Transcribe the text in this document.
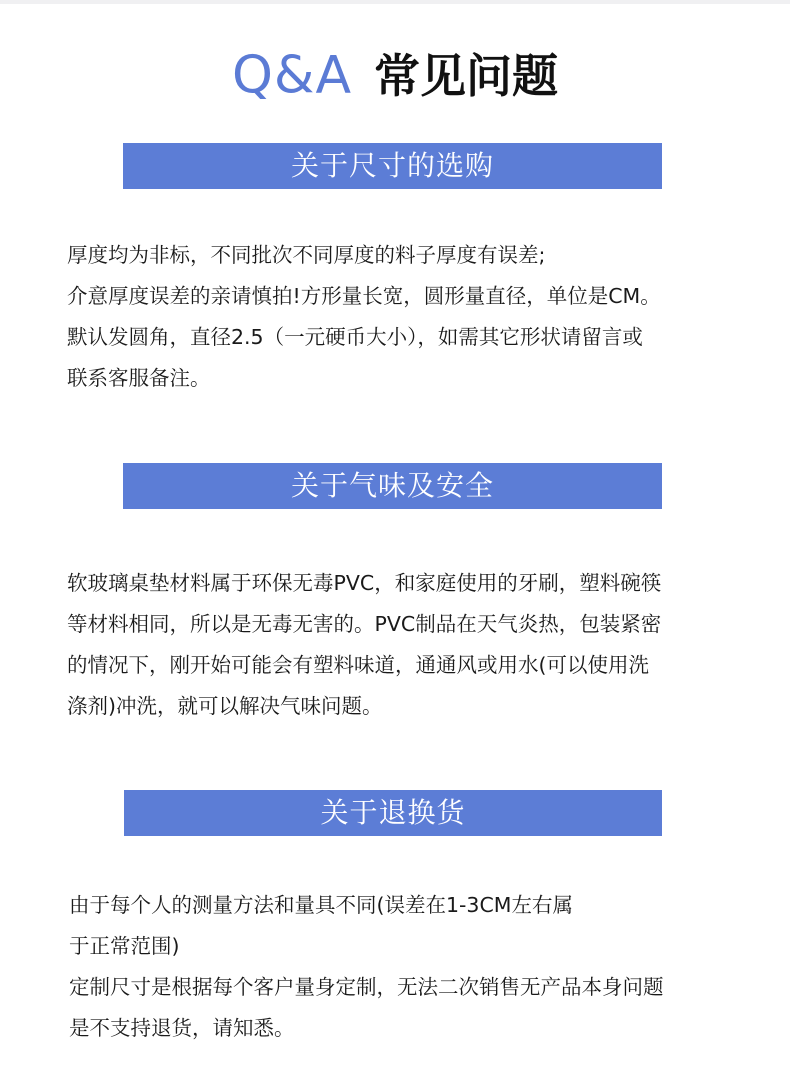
Q&A 常见问题
关于尺寸的选购
厚度均为非标，不同批次不同厚度的料子厚度有误差;
介意厚度误差的亲请慎拍!方形量长宽，圆形量直径，单位是CM。
默认发圆角，直径2.5（一元硬币大小），如需其它形状请留言或
联系客服备注。
关于气味及安全
软玻璃桌垫材料属于环保无毒PVC，和家庭使用的牙刷，塑料碗筷
等材料相同，所以是无毒无害的。PVC制品在天气炎热，包装紧密
的情况下，刚开始可能会有塑料味道，通通风或用水(可以使用洗
涤剂)冲洗，就可以解决气味问题。
关于退换货
由于每个人的测量方法和量具不同(误差在1-3CM左右属
于正常范围)
定制尺寸是根据每个客户量身定制，无法二次销售无产品本身问题
是不支持退货，请知悉。
